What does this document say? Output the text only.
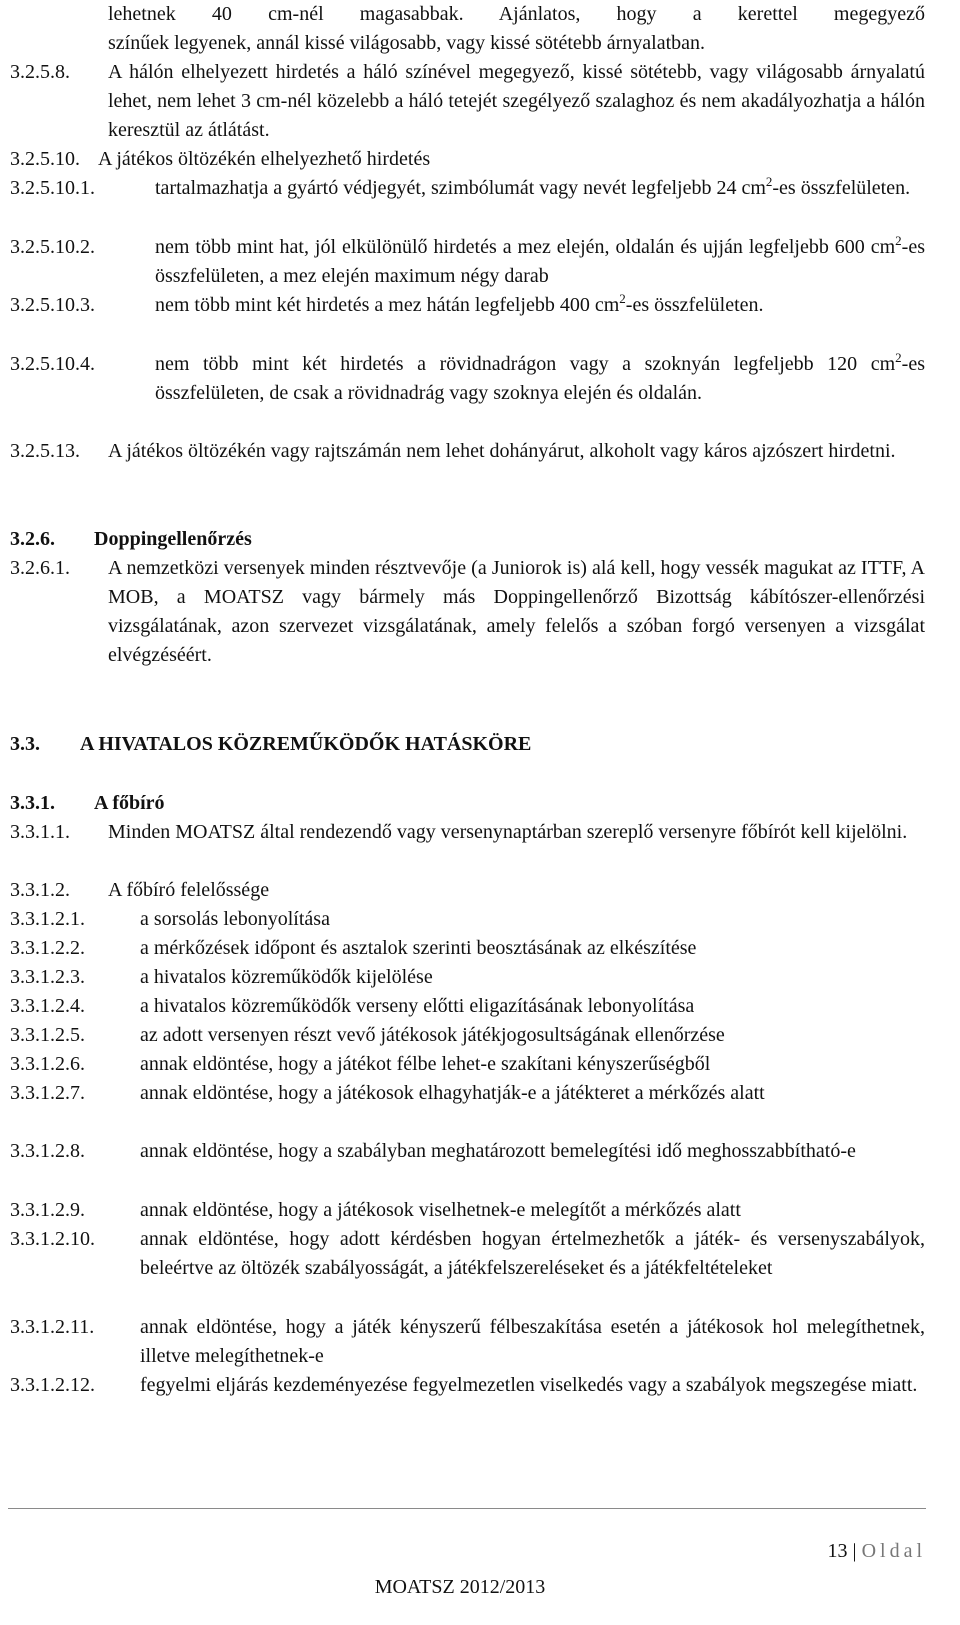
lehetnek 40 cm-nél magasabbak. Ajánlatos, hogy a kerettel megegyező
színűek legyenek, annál kissé világosabb, vagy kissé sötétebb árnyalatban.
3.2.5.8.	A hálón elhelyezett hirdetés a háló színével megegyező, kissé sötétebb, vagy világosabb árnyalatú lehet, nem lehet 3 cm-nél közelebb a háló tetejét szegélyező szalaghoz és nem akadályozhatja a hálón keresztül az átlátást.
3.2.5.10. A játékos öltözékén elhelyezhető hirdetés
3.2.5.10.1.	tartalmazhatja a gyártó védjegyét, szimbólumát vagy nevét legfeljebb 24 $cm^2-es$ összfelületen.
3.2.5.10.2.	nem több mint hat, jól elkülönülő hirdetés a mez elején, oldalán és ujján legfeljebb 600 $cm^2-es$ összfelületen, a mez elején maximum négy darab
3.2.5.10.3.	nem több mint két hirdetés a mez hátán legfeljebb 400 $cm^2-es$ összfelületen.
3.2.5.10.4.	nem több mint két hirdetés a rövidnadrágon vagy a szoknyán legfeljebb 120 $cm^2-es$ összfelületen, de csak a rövidnadrág vagy szoknya elején és oldalán.
3.2.5.13.	A játékos öltözékén vagy rajtszámán nem lehet dohányárut, alkoholt vagy káros ajzószert hirdetni.
3.2.6.	Doppingellenőrzés
3.2.6.1.	A nemzetközi versenyek minden résztvevője (a Juniorok is) alá kell, hogy vessék magukat az ITTF, A MOB, a MOATSZ vagy bármely más Doppingellenőrző Bizottság kábítószer-ellenőrzési vizsgálatának, azon szervezet vizsgálatának, amely felelős a szóban forgó versenyen a vizsgálat elvégzéséért.
3.3.	A HIVATALOS KÖZREMŰKÖDŐK HATÁSKÖRE
3.3.1.	A főbíró
3.3.1.1.	Minden MOATSZ által rendezendő vagy versenynaptárban szereplő versenyre főbírót kell kijelölni.
3.3.1.2.	A főbíró felelőssége
3.3.1.2.1.	a sorsolás lebonyolítása
3.3.1.2.2.	a mérkőzések időpont és asztalok szerinti beosztásának az elkészítése
3.3.1.2.3.	a hivatalos közreműködők kijelölése
3.3.1.2.4.	a hivatalos közreműködők verseny előtti eligazításának lebonyolítása
3.3.1.2.5.	az adott versenyen részt vevő játékosok játékjogosultságának ellenőrzése
3.3.1.2.6.	annak eldöntése, hogy a játékot félbe lehet-e szakítani kényszerűségből
3.3.1.2.7.	annak eldöntése, hogy a játékosok elhagyhatják-e a játékteret a mérkőzés alatt
3.3.1.2.8.	annak eldöntése, hogy a szabályban meghatározott bemelegítési idő meghosszabbítható-e
3.3.1.2.9.	annak eldöntése, hogy a játékosok viselhetnek-e melegítőt a mérkőzés alatt
3.3.1.2.10.	annak eldöntése, hogy adott kérdésben hogyan értelmezhetők a játék- és versenyszabályok, beleértve az öltözék szabályosságát, a játékfelszereléseket és a játékfeltételeket
3.3.1.2.11.	annak eldöntése, hogy a játék kényszerű félbeszakítása esetén a játékosok hol melegíthetnek, illetve melegíthetnek-e
3.3.1.2.12.	fegyelmi eljárás kezdeményezése fegyelmezetlen viselkedés vagy a szabályok megszegése miatt.
13 | Oldal
MOATSZ 2012/2013
